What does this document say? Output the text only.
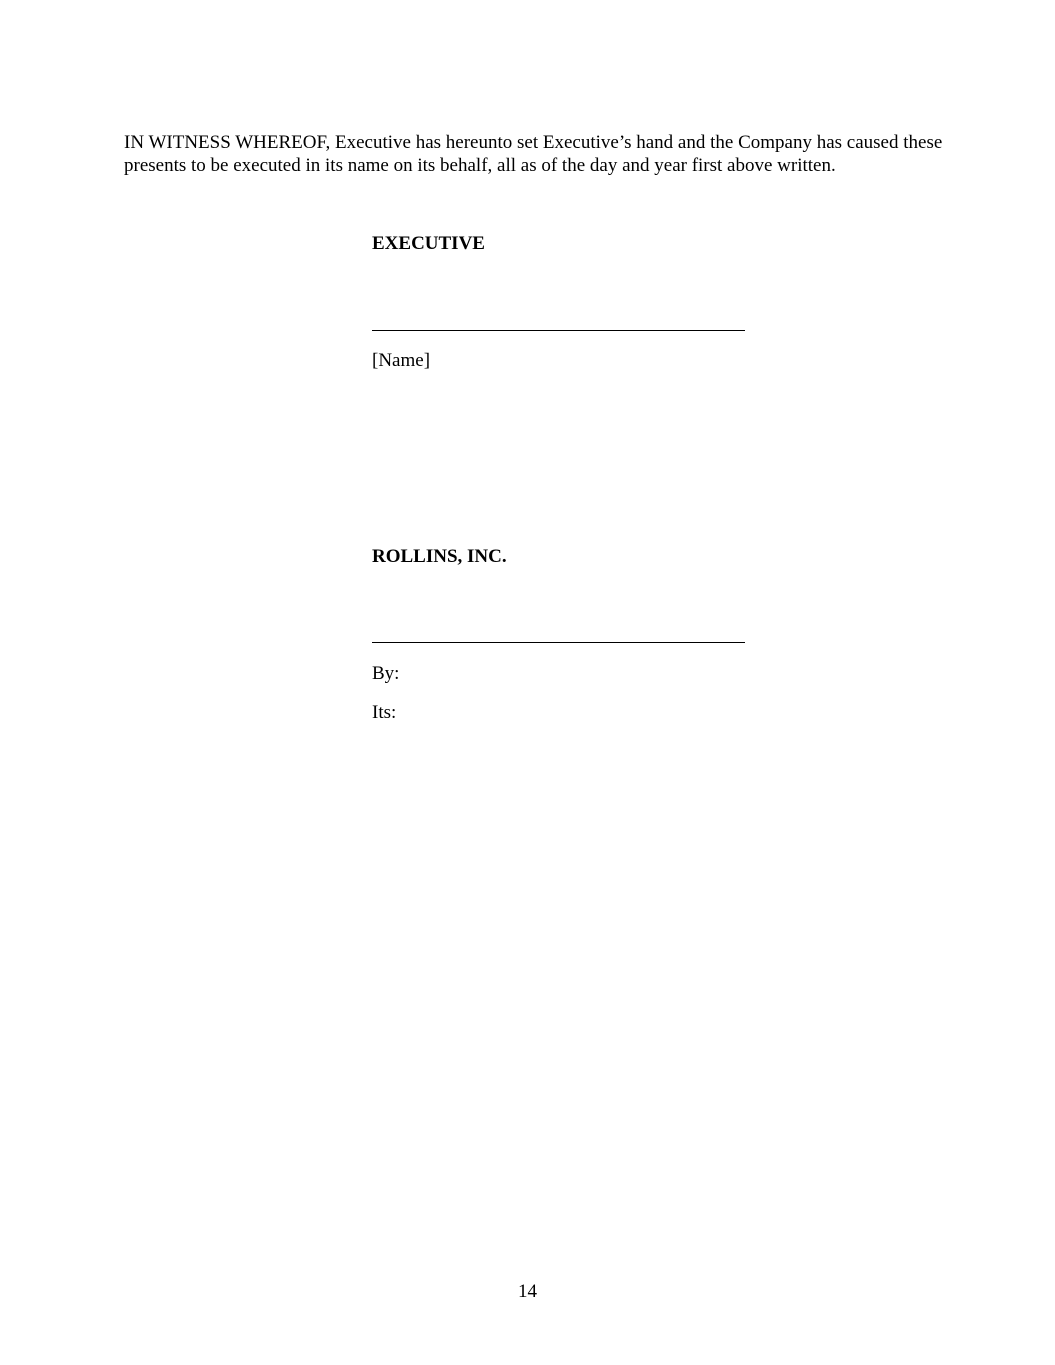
IN WITNESS WHEREOF, Executive has hereunto set Executive’s hand and the Company has caused these presents to be executed in its name on its behalf, all as of the day and year first above written.

EXECUTIVE

[Name]

ROLLINS, INC.

By:

Its:

14
